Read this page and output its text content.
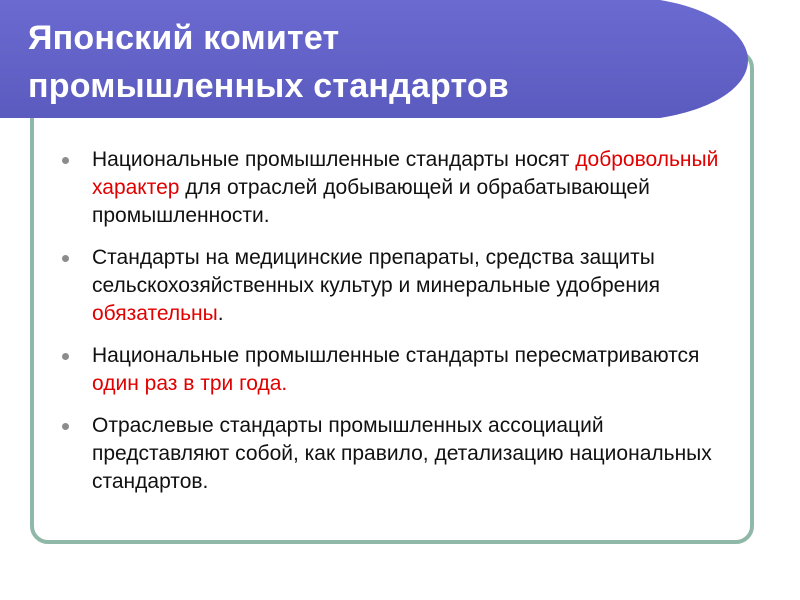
Японский комитет
промышленных стандартов
Национальные промышленные стандарты носят добровольный характер для отраслей добывающей и обрабатывающей промышленности.
Стандарты на медицинские препараты, средства защиты сельскохозяйственных культур и минеральные удобрения обязательны.
Национальные промышленные стандарты пересматриваются один раз в три года.
Отраслевые стандарты промышленных ассоциаций представляют собой, как правило, детализацию национальных стандартов.
